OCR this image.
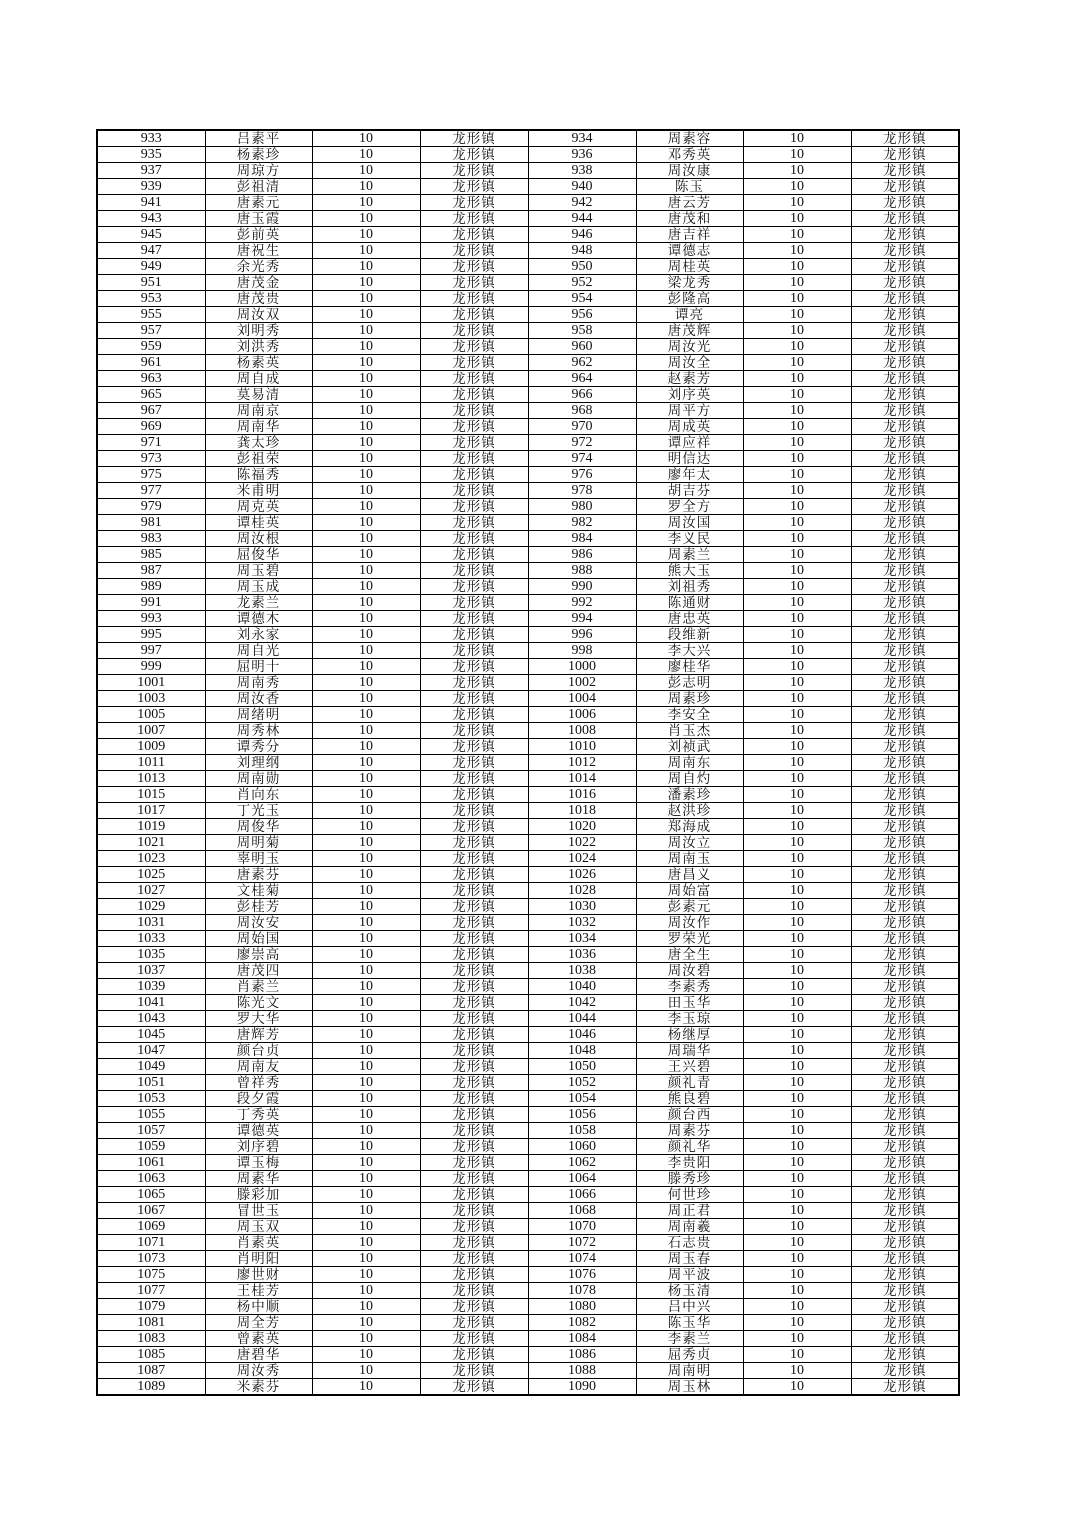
933	吕素平	10	龙形镇	934	周素容	10	龙形镇
935	杨素珍	10	龙形镇	936	邓秀英	10	龙形镇
937	周琼方	10	龙形镇	938	周汝康	10	龙形镇
939	彭祖清	10	龙形镇	940	陈玉	10	龙形镇
941	唐素元	10	龙形镇	942	唐云芳	10	龙形镇
943	唐玉霞	10	龙形镇	944	唐茂和	10	龙形镇
945	彭前英	10	龙形镇	946	唐吉祥	10	龙形镇
947	唐祝生	10	龙形镇	948	谭德志	10	龙形镇
949	余光秀	10	龙形镇	950	周桂英	10	龙形镇
951	唐茂金	10	龙形镇	952	梁龙秀	10	龙形镇
953	唐茂贵	10	龙形镇	954	彭隆高	10	龙形镇
955	周汝双	10	龙形镇	956	谭亮	10	龙形镇
957	刘明秀	10	龙形镇	958	唐茂辉	10	龙形镇
959	刘洪秀	10	龙形镇	960	周汝光	10	龙形镇
961	杨素英	10	龙形镇	962	周汝全	10	龙形镇
963	周自成	10	龙形镇	964	赵素芳	10	龙形镇
965	莫易清	10	龙形镇	966	刘序英	10	龙形镇
967	周南京	10	龙形镇	968	周平方	10	龙形镇
969	周南华	10	龙形镇	970	周成英	10	龙形镇
971	龚太珍	10	龙形镇	972	谭应祥	10	龙形镇
973	彭祖荣	10	龙形镇	974	明信达	10	龙形镇
975	陈福秀	10	龙形镇	976	廖年太	10	龙形镇
977	米甫明	10	龙形镇	978	胡吉芬	10	龙形镇
979	周克英	10	龙形镇	980	罗全方	10	龙形镇
981	谭桂英	10	龙形镇	982	周汝国	10	龙形镇
983	周汝根	10	龙形镇	984	李义民	10	龙形镇
985	屈俊华	10	龙形镇	986	周素兰	10	龙形镇
987	周玉碧	10	龙形镇	988	熊大玉	10	龙形镇
989	周玉成	10	龙形镇	990	刘祖秀	10	龙形镇
991	龙素兰	10	龙形镇	992	陈通财	10	龙形镇
993	谭德木	10	龙形镇	994	唐忠英	10	龙形镇
995	刘永家	10	龙形镇	996	段维新	10	龙形镇
997	周自光	10	龙形镇	998	李大兴	10	龙形镇
999	屈明十	10	龙形镇	1000	廖桂华	10	龙形镇
1001	周南秀	10	龙形镇	1002	彭志明	10	龙形镇
1003	周汝香	10	龙形镇	1004	周素珍	10	龙形镇
1005	周绪明	10	龙形镇	1006	李安全	10	龙形镇
1007	周秀林	10	龙形镇	1008	肖玉杰	10	龙形镇
1009	谭秀分	10	龙形镇	1010	刘祯武	10	龙形镇
1011	刘理纲	10	龙形镇	1012	周南东	10	龙形镇
1013	周南勋	10	龙形镇	1014	周自灼	10	龙形镇
1015	肖向东	10	龙形镇	1016	潘素珍	10	龙形镇
1017	丁光玉	10	龙形镇	1018	赵洪珍	10	龙形镇
1019	周俊华	10	龙形镇	1020	郑海成	10	龙形镇
1021	周明菊	10	龙形镇	1022	周汝立	10	龙形镇
1023	辜明玉	10	龙形镇	1024	周南玉	10	龙形镇
1025	唐素芬	10	龙形镇	1026	唐昌义	10	龙形镇
1027	文桂菊	10	龙形镇	1028	周始富	10	龙形镇
1029	彭桂芳	10	龙形镇	1030	彭素元	10	龙形镇
1031	周汝安	10	龙形镇	1032	周汝作	10	龙形镇
1033	周始国	10	龙形镇	1034	罗荣光	10	龙形镇
1035	廖崇高	10	龙形镇	1036	唐全生	10	龙形镇
1037	唐茂四	10	龙形镇	1038	周汝碧	10	龙形镇
1039	肖素兰	10	龙形镇	1040	李素秀	10	龙形镇
1041	陈光文	10	龙形镇	1042	田玉华	10	龙形镇
1043	罗大华	10	龙形镇	1044	李玉琼	10	龙形镇
1045	唐辉芳	10	龙形镇	1046	杨继厚	10	龙形镇
1047	颜台贞	10	龙形镇	1048	周瑞华	10	龙形镇
1049	周南友	10	龙形镇	1050	王兴碧	10	龙形镇
1051	曾祥秀	10	龙形镇	1052	颜礼青	10	龙形镇
1053	段夕霞	10	龙形镇	1054	熊良碧	10	龙形镇
1055	丁秀英	10	龙形镇	1056	颜台西	10	龙形镇
1057	谭德英	10	龙形镇	1058	周素芬	10	龙形镇
1059	刘序碧	10	龙形镇	1060	颜礼华	10	龙形镇
1061	谭玉梅	10	龙形镇	1062	李贵阳	10	龙形镇
1063	周素华	10	龙形镇	1064	滕秀珍	10	龙形镇
1065	滕彩加	10	龙形镇	1066	何世珍	10	龙形镇
1067	冒世玉	10	龙形镇	1068	周正君	10	龙形镇
1069	周玉双	10	龙形镇	1070	周南羲	10	龙形镇
1071	肖素英	10	龙形镇	1072	石志贵	10	龙形镇
1073	肖明阳	10	龙形镇	1074	周玉春	10	龙形镇
1075	廖世财	10	龙形镇	1076	周平波	10	龙形镇
1077	王桂芳	10	龙形镇	1078	杨玉清	10	龙形镇
1079	杨中顺	10	龙形镇	1080	吕中兴	10	龙形镇
1081	周全芳	10	龙形镇	1082	陈玉华	10	龙形镇
1083	曾素英	10	龙形镇	1084	李素兰	10	龙形镇
1085	唐碧华	10	龙形镇	1086	屈秀贞	10	龙形镇
1087	周汝秀	10	龙形镇	1088	周南明	10	龙形镇
1089	米素芬	10	龙形镇	1090	周玉林	10	龙形镇
